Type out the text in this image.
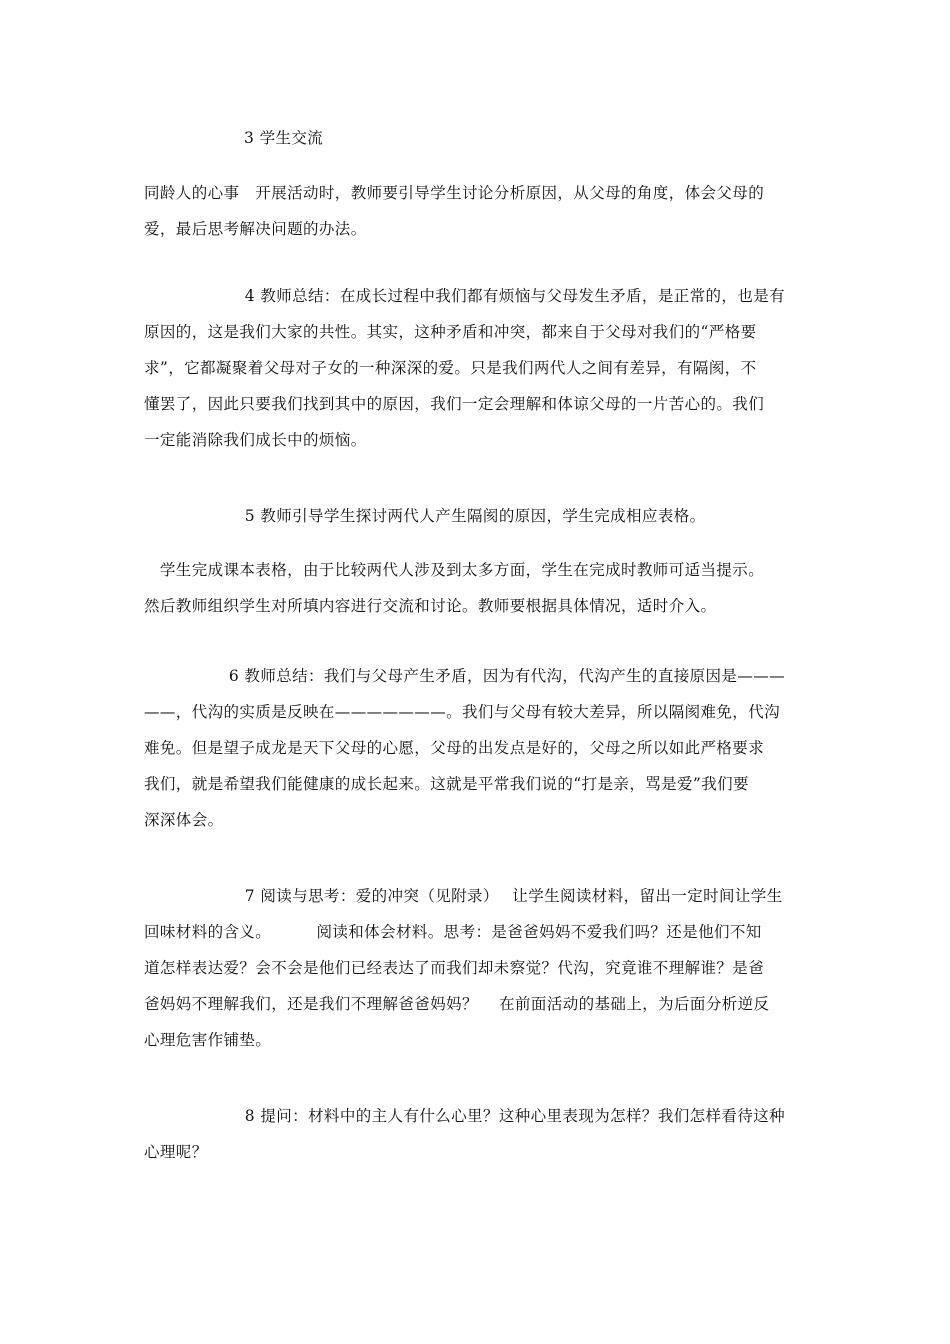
3 学生交流

同龄人的心事　开展活动时，教师要引导学生讨论分析原因，从父母的角度，体会父母的
爱，最后思考解决问题的办法。

　　　　　　 4 教师总结：在成长过程中我们都有烦恼与父母发生矛盾，是正常的，也是有
原因的，这是我们大家的共性。其实，这种矛盾和冲突，都来自于父母对我们的“严格要
求”，它都凝聚着父母对子女的一种深深的爱。只是我们两代人之间有差异，有隔阂，不
懂罢了，因此只要我们找到其中的原因，我们一定会理解和体谅父母的一片苦心的。我们
一定能消除我们成长中的烦恼。

　　　　　　 5 教师引导学生探讨两代人产生隔阂的原因，学生完成相应表格。

　学生完成课本表格，由于比较两代人涉及到太多方面，学生在完成时教师可适当提示。
然后教师组织学生对所填内容进行交流和讨论。教师要根据具体情况，适时介入。

　　　　　 6 教师总结：我们与父母产生矛盾，因为有代沟，代沟产生的直接原因是———
——，代沟的实质是反映在———————。我们与父母有较大差异，所以隔阂难免，代沟
难免。但是望子成龙是天下父母的心愿，父母的出发点是好的，父母之所以如此严格要求
我们，就是希望我们能健康的成长起来。这就是平常我们说的“打是亲，骂是爱”我们要
深深体会。

　　　　　　 7 阅读与思考：爱的冲突（见附录）　 让学生阅读材料，留出一定时间让学生
回味材料的含义。　　　 阅读和体会材料。思考：是爸爸妈妈不爱我们吗？还是他们不知
道怎样表达爱？会不会是他们已经表达了而我们却未察觉？代沟，究竟谁不理解谁？是爸
爸妈妈不理解我们，还是我们不理解爸爸妈妈？　 在前面活动的基础上，为后面分析逆反
心理危害作铺垫。

　　　　　　 8 提问：材料中的主人有什么心里？这种心里表现为怎样？我们怎样看待这种
心理呢？
